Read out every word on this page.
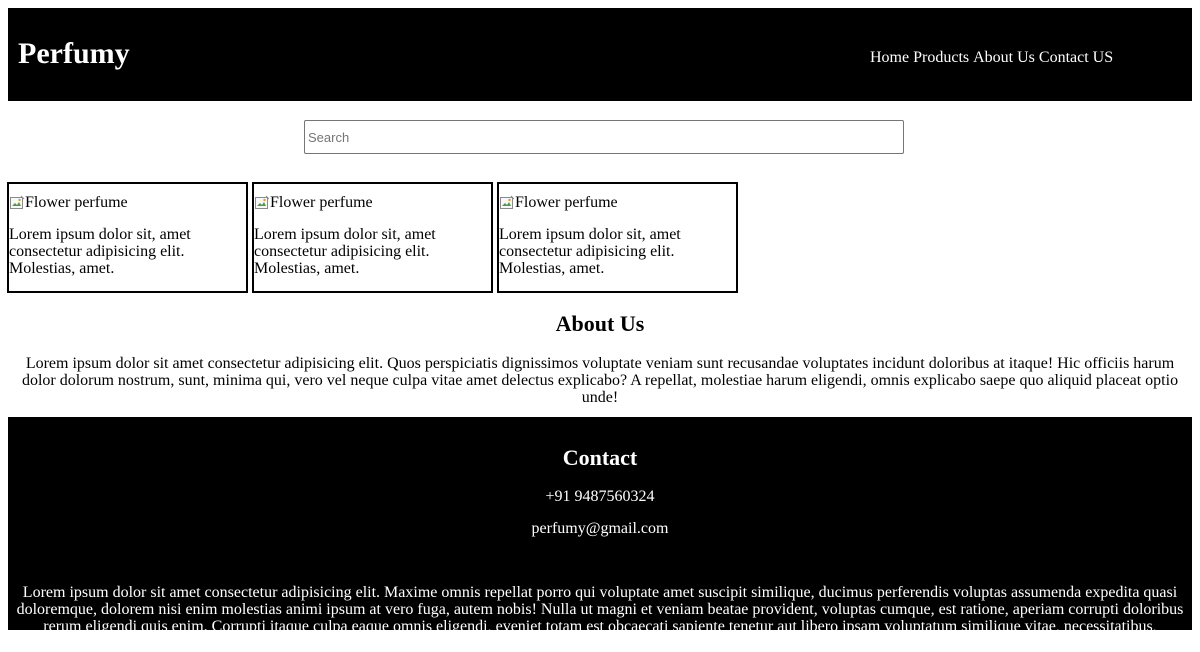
Perfumy	Home Products About Us Contact US
Search
Flower perfume

Lorem ipsum dolor sit, amet consectetur adipisicing elit. Molestias, amet.

Flower perfume

Lorem ipsum dolor sit, amet consectetur adipisicing elit. Molestias, amet.

Flower perfume

Lorem ipsum dolor sit, amet consectetur adipisicing elit. Molestias, amet.

About Us

Lorem ipsum dolor sit amet consectetur adipisicing elit. Quos perspiciatis dignissimos voluptate veniam sunt recusandae voluptates incidunt doloribus at itaque! Hic officiis harum dolor dolorum nostrum, sunt, minima qui, vero vel neque culpa vitae amet delectus explicabo? A repellat, molestiae harum eligendi, omnis explicabo saepe quo aliquid placeat optio unde!

Contact

+91 9487560324

perfumy@gmail.com

Lorem ipsum dolor sit amet consectetur adipisicing elit. Maxime omnis repellat porro qui voluptate amet suscipit similique, ducimus perferendis voluptas assumenda expedita quasi doloremque, dolorem nisi enim molestias animi ipsum at vero fuga, autem nobis! Nulla ut magni et veniam beatae provident, voluptas cumque, est ratione, aperiam corrupti doloribus rerum eligendi quis enim. Corrupti itaque culpa eaque omnis eligendi, eveniet totam est obcaecati sapiente tenetur aut libero ipsam voluptatum similique vitae, necessitatibus, explicabo accusantium molestias veniam
